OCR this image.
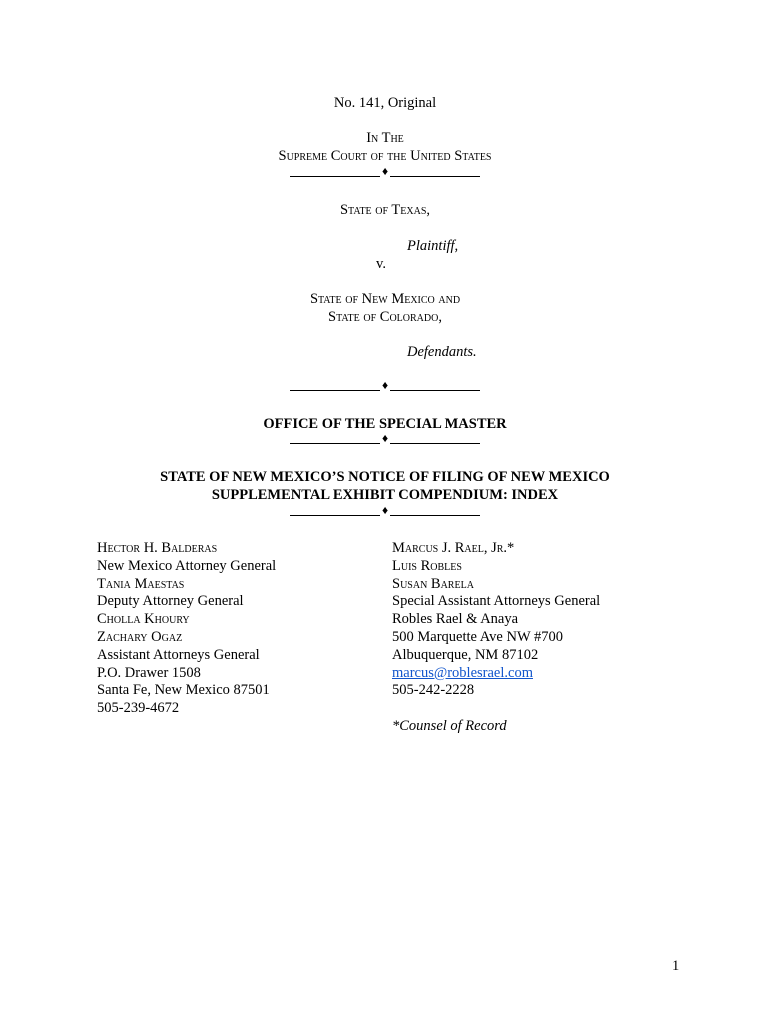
No. 141, Original
In The
Supreme Court of the United States
♦
State of Texas,
Plaintiff,
v.
State of New Mexico and
State of Colorado,
Defendants.
♦
OFFICE OF THE SPECIAL MASTER
♦
STATE OF NEW MEXICO’S NOTICE OF FILING OF NEW MEXICO
SUPPLEMENTAL EXHIBIT COMPENDIUM: INDEX
♦
Hector H. Balderas
New Mexico Attorney General
Tania Maestas
Deputy Attorney General
Cholla Khoury
Zachary Ogaz
Assistant Attorneys General
P.O. Drawer 1508
Santa Fe, New Mexico 87501
505-239-4672
Marcus J. Rael, Jr.*
Luis Robles
Susan Barela
Special Assistant Attorneys General
Robles Rael & Anaya
500 Marquette Ave NW #700
Albuquerque, NM 87102
marcus@roblesrael.com
505-242-2228
*Counsel of Record
1
